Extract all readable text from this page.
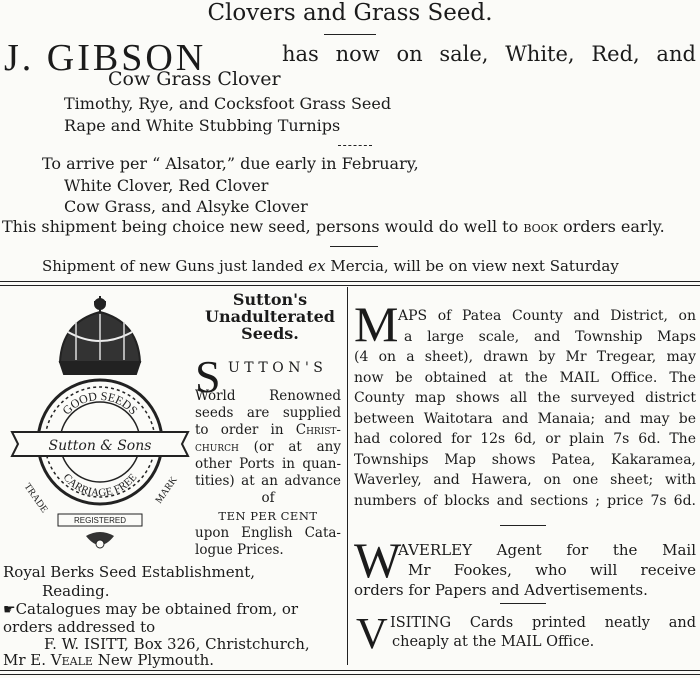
Clovers and Grass Seed.
J. GIBSON	has now on sale, White, Red, and
Cow Grass Clover
Timothy, Rye, and Cocksfoot Grass Seed
Rape and White Stubbing Turnips
To arrive per “ Alsator,” due early in February,
White Clover, Red Clover
Cow Grass, and Alsyke Clover
This shipment being choice new seed, persons would do well to book orders early.
Shipment of new Guns just landed ex Mercia, will be on view next Saturday
GOOD SEEDS
CARRIAGE FREE
Sutton & Sons
TRADE	MARK
REGISTERED
Sutton's
Unadulterated
Seeds.
S UTTON'S
World Renowned
seeds are supplied
to order in Christ-
church (or at any
other Ports in quan-
tities) at an advance
of
TEN PER CENT
upon English Cata-
logue Prices.
Royal Berks Seed Establishment,
Reading.
☛Catalogues may be obtained from, or
orders addressed to
F. W. ISITT, Box 326, Christchurch,
Mr E. Veale New Plymouth.
M APS of Patea County and District, on
a large scale, and Township Maps
(4 on a sheet), drawn by Mr Tregear, may
now be obtained at the MAIL Office. The
County map shows all the surveyed district
between Waitotara and Manaia; and may be
had colored for 12s 6d, or plain 7s 6d. The
Townships Map shows Patea, Kakaramea,
Waverley, and Hawera, on one sheet; with
numbers of blocks and sections ; price 7s 6d.
W
AVERLEY Agent for the Mail
Mr Fookes, who will receive
orders for Papers and Advertisements.
V ISITING Cards printed neatly and
cheaply at the MAIL Office.
